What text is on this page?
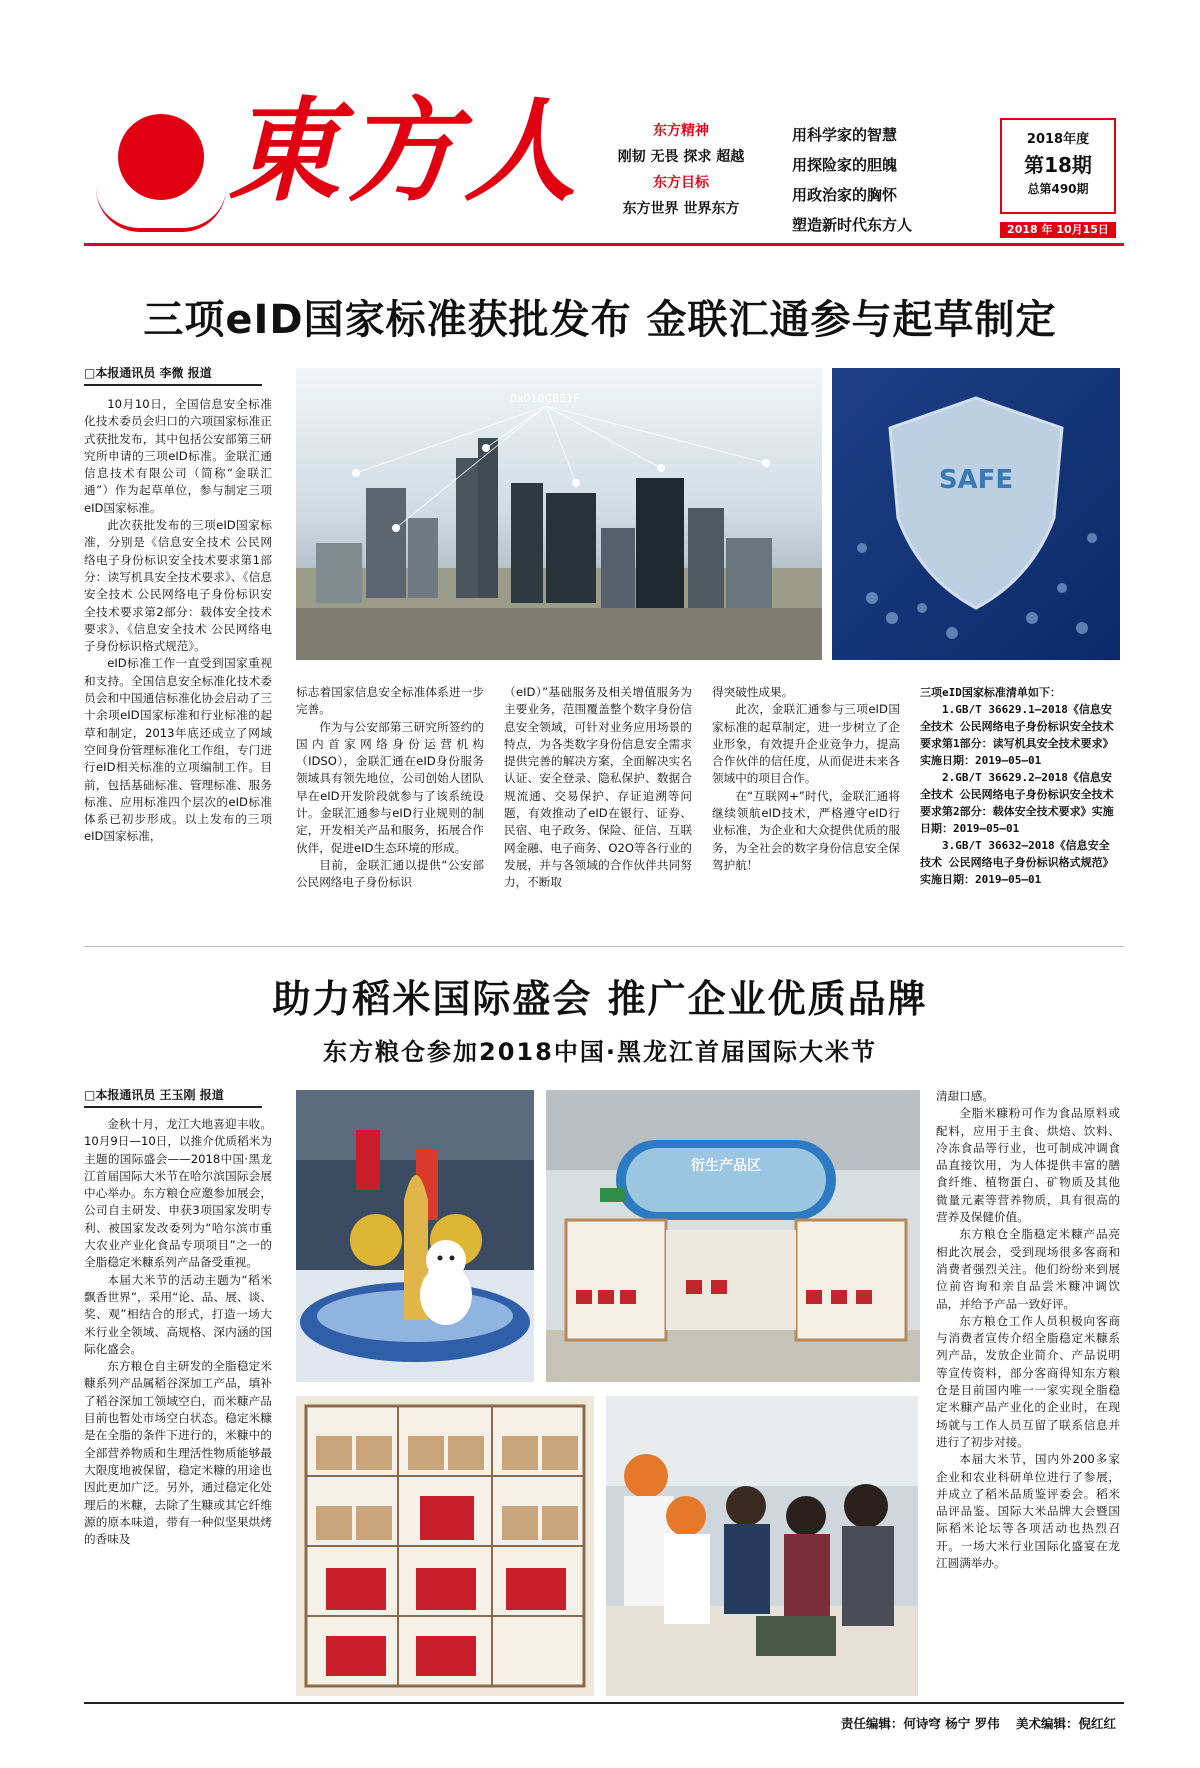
東方人	东方精神
刚韧 无畏 探求 超越
东方目标
东方世界 世界东方
用科学家的智慧
用探险家的胆魄
用政治家的胸怀
塑造新时代东方人
2018年度
第18期
总第490期
2018 年 10月15日
三项eID国家标准获批发布 金联汇通参与起草制定
□本报通讯员 李微 报道
0x010C851F
SAFE

10月10日，全国信息安全标准化技术委员会归口的六项国家标准正式获批发布，其中包括公安部第三研究所申请的三项eID标准。金联汇通信息技术有限公司（简称“金联汇通”）作为起草单位，参与制定三项eID国家标准。

此次获批发布的三项eID国家标准，分别是《信息安全技术 公民网络电子身份标识安全技术要求第1部分：读写机具安全技术要求》、《信息安全技术 公民网络电子身份标识安全技术要求第2部分：载体安全技术要求》、《信息安全技术 公民网络电子身份标识格式规范》。

eID标准工作一直受到国家重视和支持。全国信息安全标准化技术委员会和中国通信标准化协会启动了三十余项eID国家标准和行业标准的起草和制定，2013年底还成立了网域空间身份管理标准化工作组，专门进行eID相关标准的立项编制工作。目前，包括基础标准、管理标准、服务标准、应用标准四个层次的eID标准体系已初步形成。以上发布的三项eID国家标准，

标志着国家信息安全标准体系进一步完善。

作为与公安部第三研究所签约的国内首家网络身份运营机构（IDSO），金联汇通在eID身份服务领域具有领先地位，公司创始人团队早在eID开发阶段就参与了该系统设计。金联汇通参与eID行业规则的制定，开发相关产品和服务，拓展合作伙伴，促进eID生态环境的形成。

目前，金联汇通以提供“公安部公民网络电子身份标识

（eID）”基础服务及相关增值服务为主要业务，范围覆盖整个数字身份信息安全领域，可针对业务应用场景的特点，为各类数字身份信息安全需求提供完善的解决方案，全面解决实名认证、安全登录、隐私保护、数据合规流通、交易保护、存证追溯等问题，有效推动了eID在银行、证券、民宿、电子政务、保险、征信、互联网金融、电子商务、O2O等各行业的发展，并与各领域的合作伙伴共同努力，不断取

得突破性成果。

此次，金联汇通参与三项eID国家标准的起草制定，进一步树立了企业形象，有效提升企业竞争力，提高合作伙伴的信任度，从而促进未来各领域中的项目合作。

在“互联网+”时代，金联汇通将继续领航eID技术，严格遵守eID行业标准，为企业和大众提供优质的服务，为全社会的数字身份信息安全保驾护航！

三项eID国家标准清单如下：

1.GB/T 36629.1—2018《信息安全技术 公民网络电子身份标识安全技术要求第1部分：读写机具安全技术要求》实施日期：2019—05—01

2.GB/T 36629.2—2018《信息安全技术 公民网络电子身份标识安全技术要求第2部分：载体安全技术要求》实施日期：2019—05—01

3.GB/T 36632—2018《信息安全技术 公民网络电子身份标识格式规范》实施日期：2019—05—01

助力稻米国际盛会 推广企业优质品牌
东方粮仓参加2018中国·黑龙江首届国际大米节
□本报通讯员 王玉刚 报道
衍生产品区

金秋十月，龙江大地喜迎丰收。10月9日—10日，以推介优质稻米为主题的国际盛会——2018中国·黑龙江首届国际大米节在哈尔滨国际会展中心举办。东方粮仓应邀参加展会，公司自主研发、申获3项国家发明专利、被国家发改委列为“哈尔滨市重大农业产业化食品专项项目”之一的全脂稳定米糠系列产品备受重视。

本届大米节的活动主题为“稻米飘香世界”，采用“论、品、展、谈、奖、观”相结合的形式，打造一场大米行业全领域、高规格、深内涵的国际化盛会。

东方粮仓自主研发的全脂稳定米糠系列产品属稻谷深加工产品，填补了稻谷深加工领域空白，而米糠产品目前也暂处市场空白状态。稳定米糠是在全脂的条件下进行的，米糠中的全部营养物质和生理活性物质能够最大限度地被保留，稳定米糠的用途也因此更加广泛。另外，通过稳定化处理后的米糠，去除了生糠或其它纤维源的原本味道，带有一种似坚果烘烤的香味及

清甜口感。

全脂米糠粉可作为食品原料或配料，应用于主食、烘焙、饮料、冷冻食品等行业，也可制成冲调食品直接饮用，为人体提供丰富的膳食纤维、植物蛋白、矿物质及其他微量元素等营养物质，具有很高的营养及保健价值。

东方粮仓全脂稳定米糠产品亮相此次展会，受到现场很多客商和消费者强烈关注。他们纷纷来到展位前咨询和亲自品尝米糠冲调饮品，并给予产品一致好评。

东方粮仓工作人员积极向客商与消费者宣传介绍全脂稳定米糠系列产品，发放企业简介、产品说明等宣传资料，部分客商得知东方粮仓是目前国内唯一一家实现全脂稳定米糠产品产业化的企业时，在现场就与工作人员互留了联系信息并进行了初步对接。

本届大米节，国内外200多家企业和农业科研单位进行了参展，并成立了稻米品质鉴评委会。稻米品评品鉴、国际大米品牌大会暨国际稻米论坛等各项活动也热烈召开。一场大米行业国际化盛宴在龙江圆满举办。

责任编辑：何诗穹 杨宁 罗伟 美术编辑：倪红红
